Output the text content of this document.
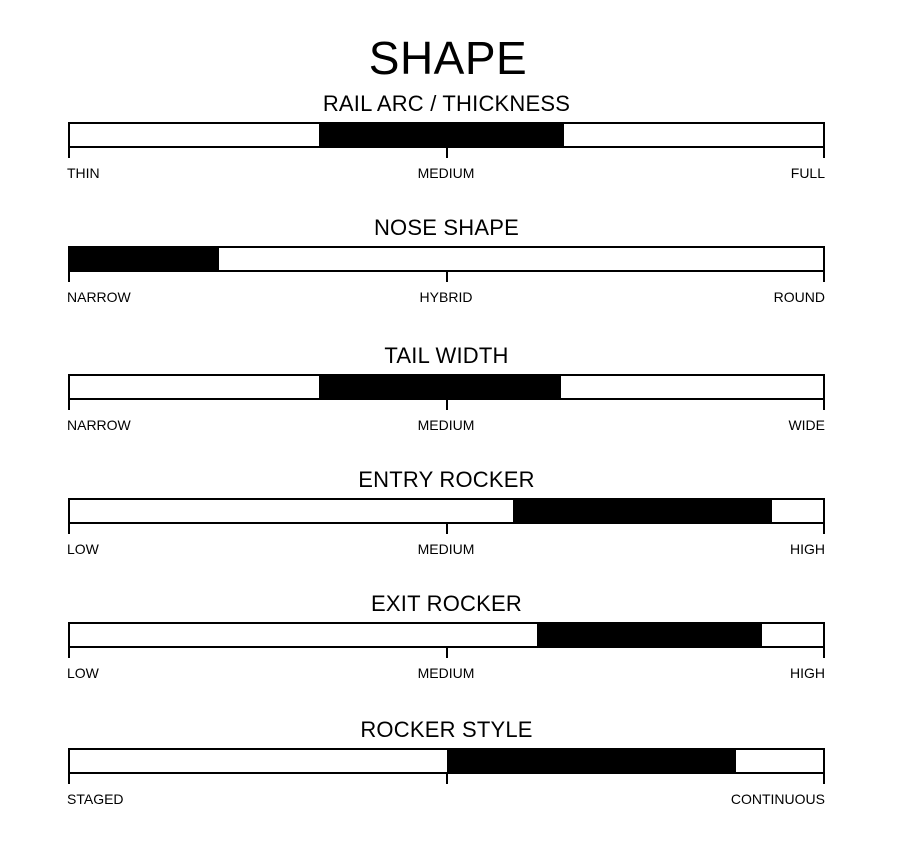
SHAPE
RAIL ARC / THICKNESS
THIN	MEDIUM	FULL
NOSE SHAPE
NARROW	HYBRID	ROUND
TAIL WIDTH
NARROW	MEDIUM	WIDE
ENTRY ROCKER
LOW	MEDIUM	HIGH
EXIT ROCKER
LOW	MEDIUM	HIGH
ROCKER STYLE
STAGED	CONTINUOUS
